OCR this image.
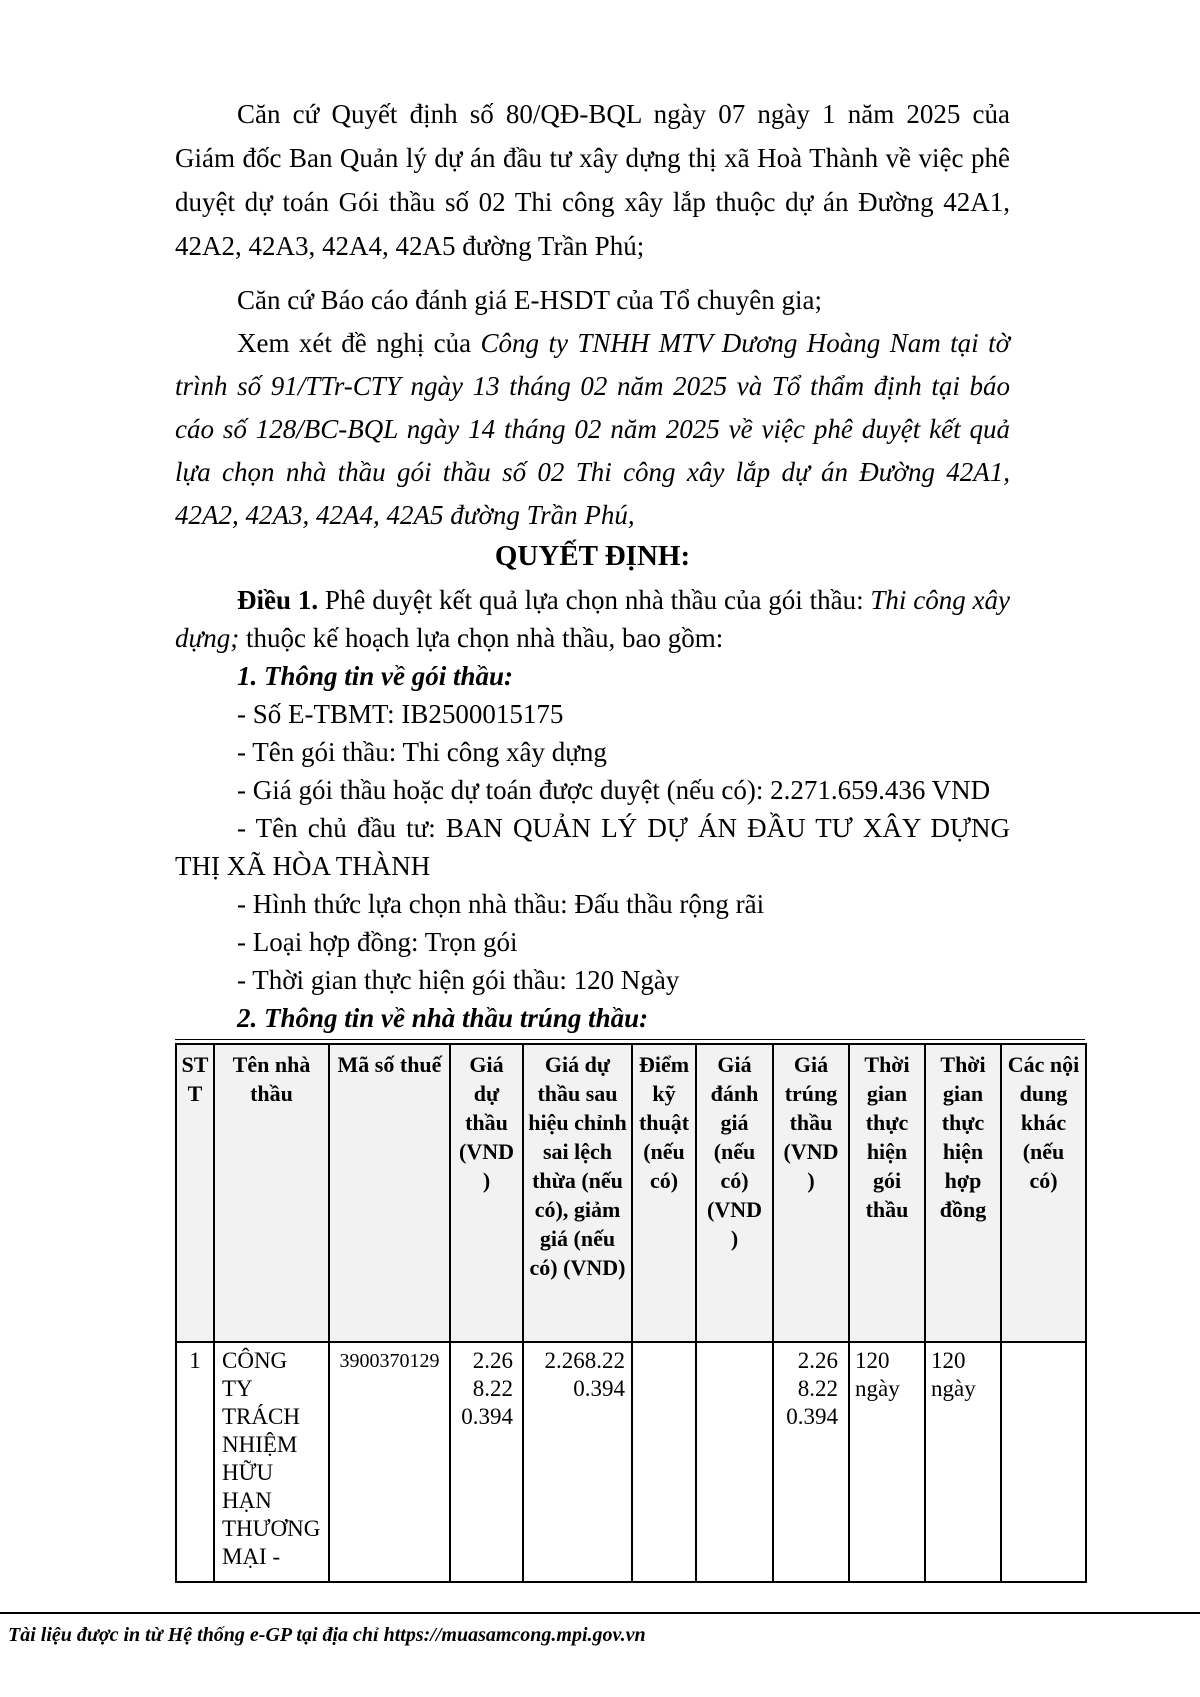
Căn cứ Quyết định số 80/QĐ-BQL ngày 07 ngày 1 năm 2025 của Giám đốc Ban Quản lý dự án đầu tư xây dựng thị xã Hoà Thành về việc phê duyệt dự toán Gói thầu số 02 Thi công xây lắp thuộc dự án Đường 42A1, 42A2, 42A3, 42A4, 42A5 đường Trần Phú;

Căn cứ Báo cáo đánh giá E-HSDT của Tổ chuyên gia;

Xem xét đề nghị của Công ty TNHH MTV Dương Hoàng Nam tại tờ trình số 91/TTr-CTY ngày 13 tháng 02 năm 2025 và Tổ thẩm định tại báo cáo số 128/BC-BQL ngày 14 tháng 02 năm 2025 về việc phê duyệt kết quả lựa chọn nhà thầu gói thầu số 02 Thi công xây lắp dự án Đường 42A1, 42A2, 42A3, 42A4, 42A5 đường Trần Phú,

QUYẾT ĐỊNH:

Điều 1. Phê duyệt kết quả lựa chọn nhà thầu của gói thầu: Thi công xây dựng; thuộc kế hoạch lựa chọn nhà thầu, bao gồm:

1. Thông tin về gói thầu:

- Số E-TBMT: IB2500015175

- Tên gói thầu: Thi công xây dựng

- Giá gói thầu hoặc dự toán được duyệt (nếu có): 2.271.659.436 VND

- Tên chủ đầu tư: BAN QUẢN LÝ DỰ ÁN ĐẦU TƯ XÂY DỰNG THỊ XÃ HÒA THÀNH

- Hình thức lựa chọn nhà thầu: Đấu thầu rộng rãi

- Loại hợp đồng: Trọn gói

- Thời gian thực hiện gói thầu: 120 Ngày

2. Thông tin về nhà thầu trúng thầu:

STT	Tên nhà thầu	Mã số thuế	Giá dự thầu (VND )	Giá dự thầu sau hiệu chỉnh sai lệch thừa (nếu có), giảm giá (nếu có) (VND)	Điểm kỹ thuật (nếu có)	Giá đánh giá (nếu có) (VND )	Giá trúng thầu (VND )	Thời gian thực hiện gói thầu	Thời gian thực hiện hợp đồng	Các nội dung khác (nếu có)
1	CÔNG TY TRÁCH NHIỆM HỮU HẠN THƯƠNG MẠI -	3900370129	2.268.220.394	2.268.220.394			2.268.220.394	120 ngày	120 ngày	

Tài liệu được in từ Hệ thống e-GP tại địa chỉ https://muasamcong.mpi.gov.vn
